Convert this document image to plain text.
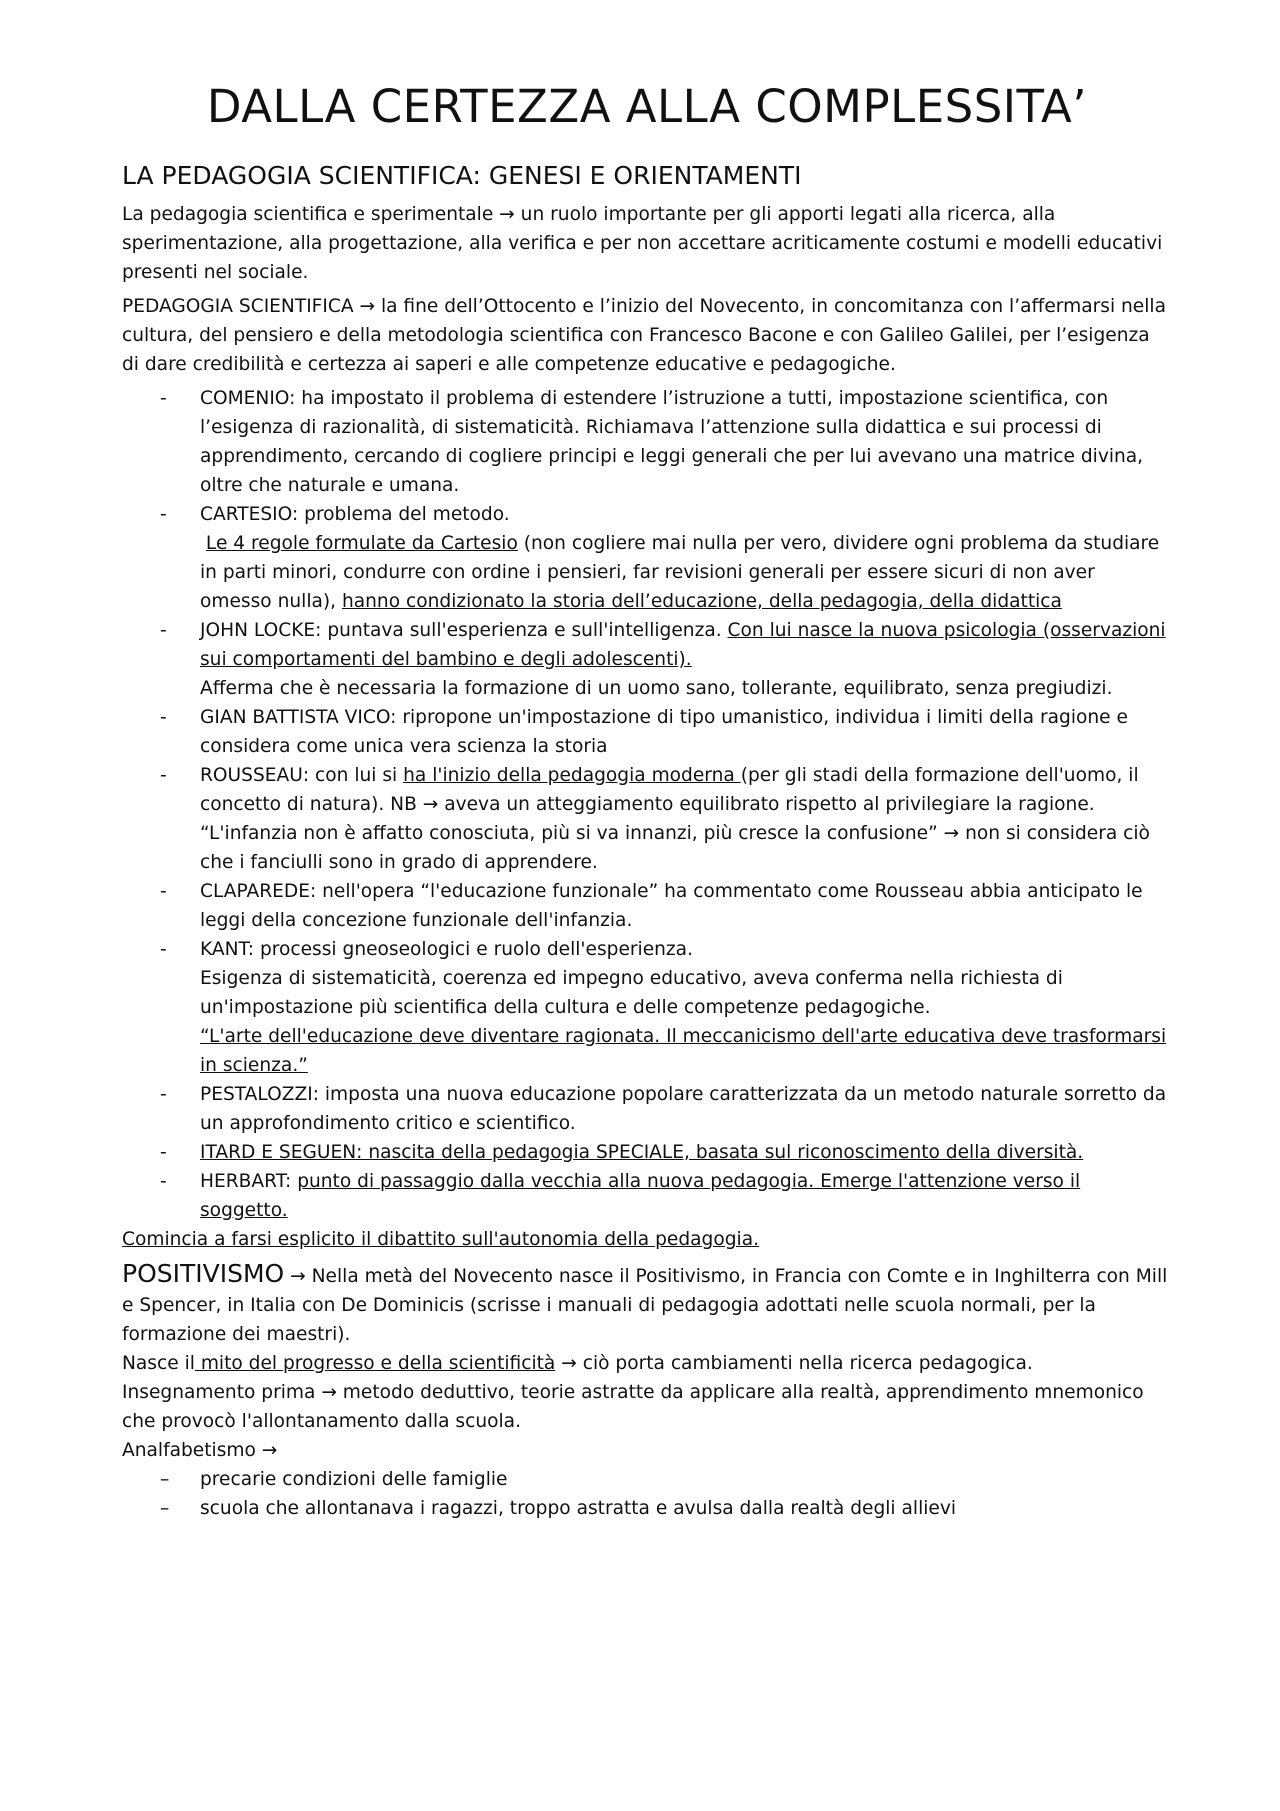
DALLA CERTEZZA ALLA COMPLESSITA’
LA PEDAGOGIA SCIENTIFICA: GENESI E ORIENTAMENTI
La pedagogia scientifica e sperimentale → un ruolo importante per gli apporti legati alla ricerca, alla sperimentazione, alla progettazione, alla verifica e per non accettare acriticamente costumi e modelli educativi presenti nel sociale.
PEDAGOGIA SCIENTIFICA → la fine dell’Ottocento e l’inizio del Novecento, in concomitanza con l’affermarsi nella cultura, del pensiero e della metodologia scientifica con Francesco Bacone e con Galileo Galilei, per l’esigenza di dare credibilità e certezza ai saperi e alle competenze educative e pedagogiche.
- COMENIO: ha impostato il problema di estendere l’istruzione a tutti, impostazione scientifica, con l’esigenza di razionalità, di sistematicità. Richiamava l’attenzione sulla didattica e sui processi di apprendimento, cercando di cogliere principi e leggi generali che per lui avevano una matrice divina, oltre che naturale e umana.
- CARTESIO: problema del metodo.
Le 4 regole formulate da Cartesio (non cogliere mai nulla per vero, dividere ogni problema da studiare in parti minori, condurre con ordine i pensieri, far revisioni generali per essere sicuri di non aver omesso nulla), hanno condizionato la storia dell’educazione, della pedagogia, della didattica
- JOHN LOCKE: puntava sull'esperienza e sull'intelligenza. Con lui nasce la nuova psicologia (osservazioni sui comportamenti del bambino e degli adolescenti).
Afferma che è necessaria la formazione di un uomo sano, tollerante, equilibrato, senza pregiudizi.
- GIAN BATTISTA VICO: ripropone un'impostazione di tipo umanistico, individua i limiti della ragione e considera come unica vera scienza la storia
- ROUSSEAU: con lui si ha l'inizio della pedagogia moderna (per gli stadi della formazione dell'uomo, il concetto di natura). NB → aveva un atteggiamento equilibrato rispetto al privilegiare la ragione.
“L'infanzia non è affatto conosciuta, più si va innanzi, più cresce la confusione” → non si considera ciò che i fanciulli sono in grado di apprendere.
- CLAPAREDE: nell'opera “l'educazione funzionale” ha commentato come Rousseau abbia anticipato le leggi della concezione funzionale dell'infanzia.
- KANT: processi gneoseologici e ruolo dell'esperienza.
Esigenza di sistematicità, coerenza ed impegno educativo, aveva conferma nella richiesta di un'impostazione più scientifica della cultura e delle competenze pedagogiche.
“L'arte dell'educazione deve diventare ragionata. Il meccanicismo dell'arte educativa deve trasformarsi in scienza.”
- PESTALOZZI: imposta una nuova educazione popolare caratterizzata da un metodo naturale sorretto da un approfondimento critico e scientifico.
- ITARD E SEGUEN: nascita della pedagogia SPECIALE, basata sul riconoscimento della diversità.
- HERBART: punto di passaggio dalla vecchia alla nuova pedagogia. Emerge l'attenzione verso il soggetto.
Comincia a farsi esplicito il dibattito sull'autonomia della pedagogia.
POSITIVISMO → Nella metà del Novecento nasce il Positivismo, in Francia con Comte e in Inghilterra con Mill e Spencer, in Italia con De Dominicis (scrisse i manuali di pedagogia adottati nelle scuola normali, per la formazione dei maestri).
Nasce il mito del progresso e della scientificità → ciò porta cambiamenti nella ricerca pedagogica.
Insegnamento prima → metodo deduttivo, teorie astratte da applicare alla realtà, apprendimento mnemonico che provocò l'allontanamento dalla scuola.
Analfabetismo →
– precarie condizioni delle famiglie
– scuola che allontanava i ragazzi, troppo astratta e avulsa dalla realtà degli allievi
